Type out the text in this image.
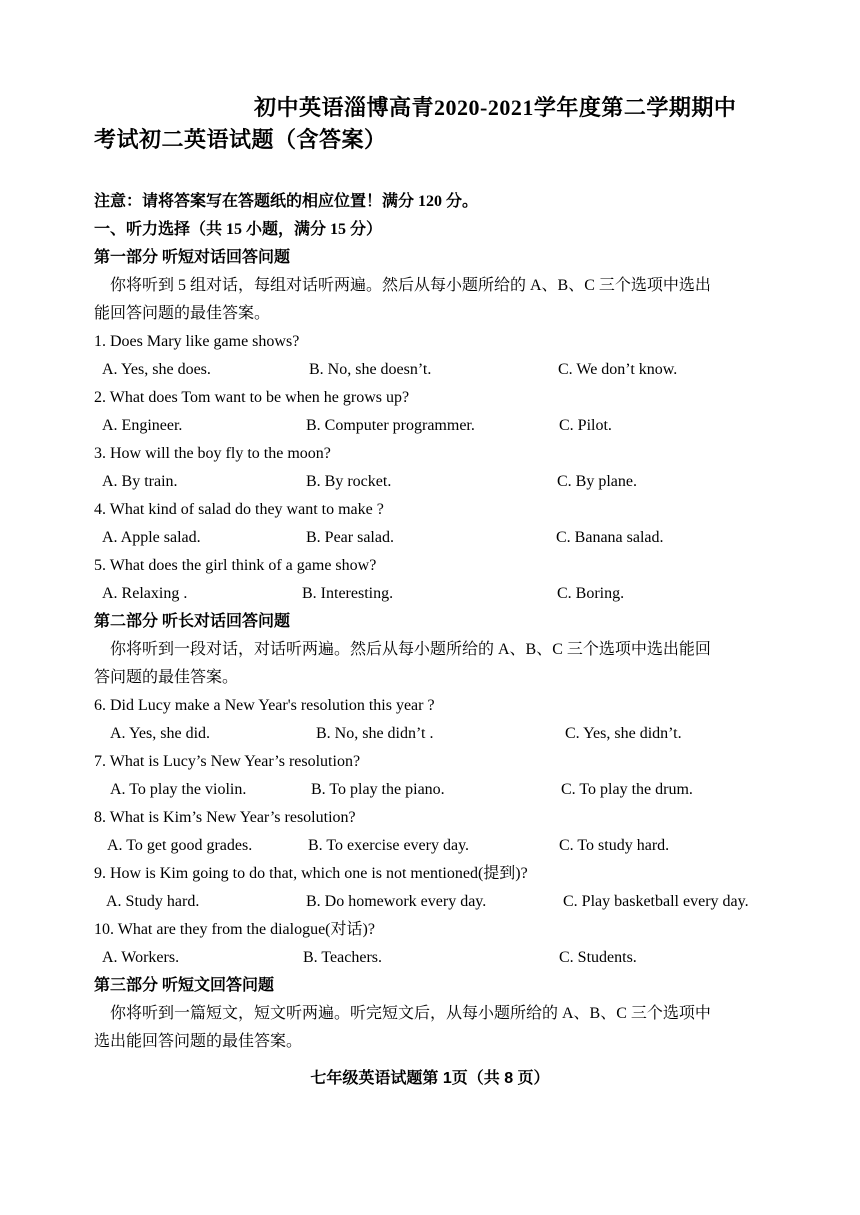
初中英语淄博高青2020-2021学年度第二学期期中
考试初二英语试题（含答案）
注意：请将答案写在答题纸的相应位置！满分 120 分。
一、听力选择（共 15 小题，满分 15 分）
第一部分 听短对话回答问题
你将听到 5 组对话，每组对话听两遍。然后从每小题所给的 A、B、C 三个选项中选出
能回答问题的最佳答案。
1. Does Mary like game shows?
A. Yes, she does.	B. No, she doesn’t.	C. We don’t know.
2. What does Tom want to be when he grows up?
A. Engineer.	B. Computer programmer.	C. Pilot.
3. How will the boy fly to the moon?
A. By train.	B. By rocket.	C. By plane.
4. What kind of salad do they want to make ?
A. Apple salad.	B. Pear salad.	C. Banana salad.
5. What does the girl think of a game show?
A. Relaxing .	B. Interesting.	C. Boring.
第二部分 听长对话回答问题
你将听到一段对话，对话听两遍。然后从每小题所给的 A、B、C 三个选项中选出能回
答问题的最佳答案。
6. Did Lucy make a New Year's resolution this year ?
A. Yes, she did.	B. No, she didn’t .	C. Yes, she didn’t.
7. What is Lucy’s New Year’s resolution?
A. To play the violin.	B. To play the piano.	C. To play the drum.
8. What is Kim’s New Year’s resolution?
A. To get good grades.	B. To exercise every day.	C. To study hard.
9. How is Kim going to do that, which one is not mentioned(提到)?
A. Study hard.	B. Do homework every day.	C. Play basketball every day.
10. What are they from the dialogue(对话)?
A. Workers.	B. Teachers.	C. Students.
第三部分 听短文回答问题
你将听到一篇短文，短文听两遍。听完短文后，从每小题所给的 A、B、C 三个选项中
选出能回答问题的最佳答案。
七年级英语试题第 1页（共 8 页）
